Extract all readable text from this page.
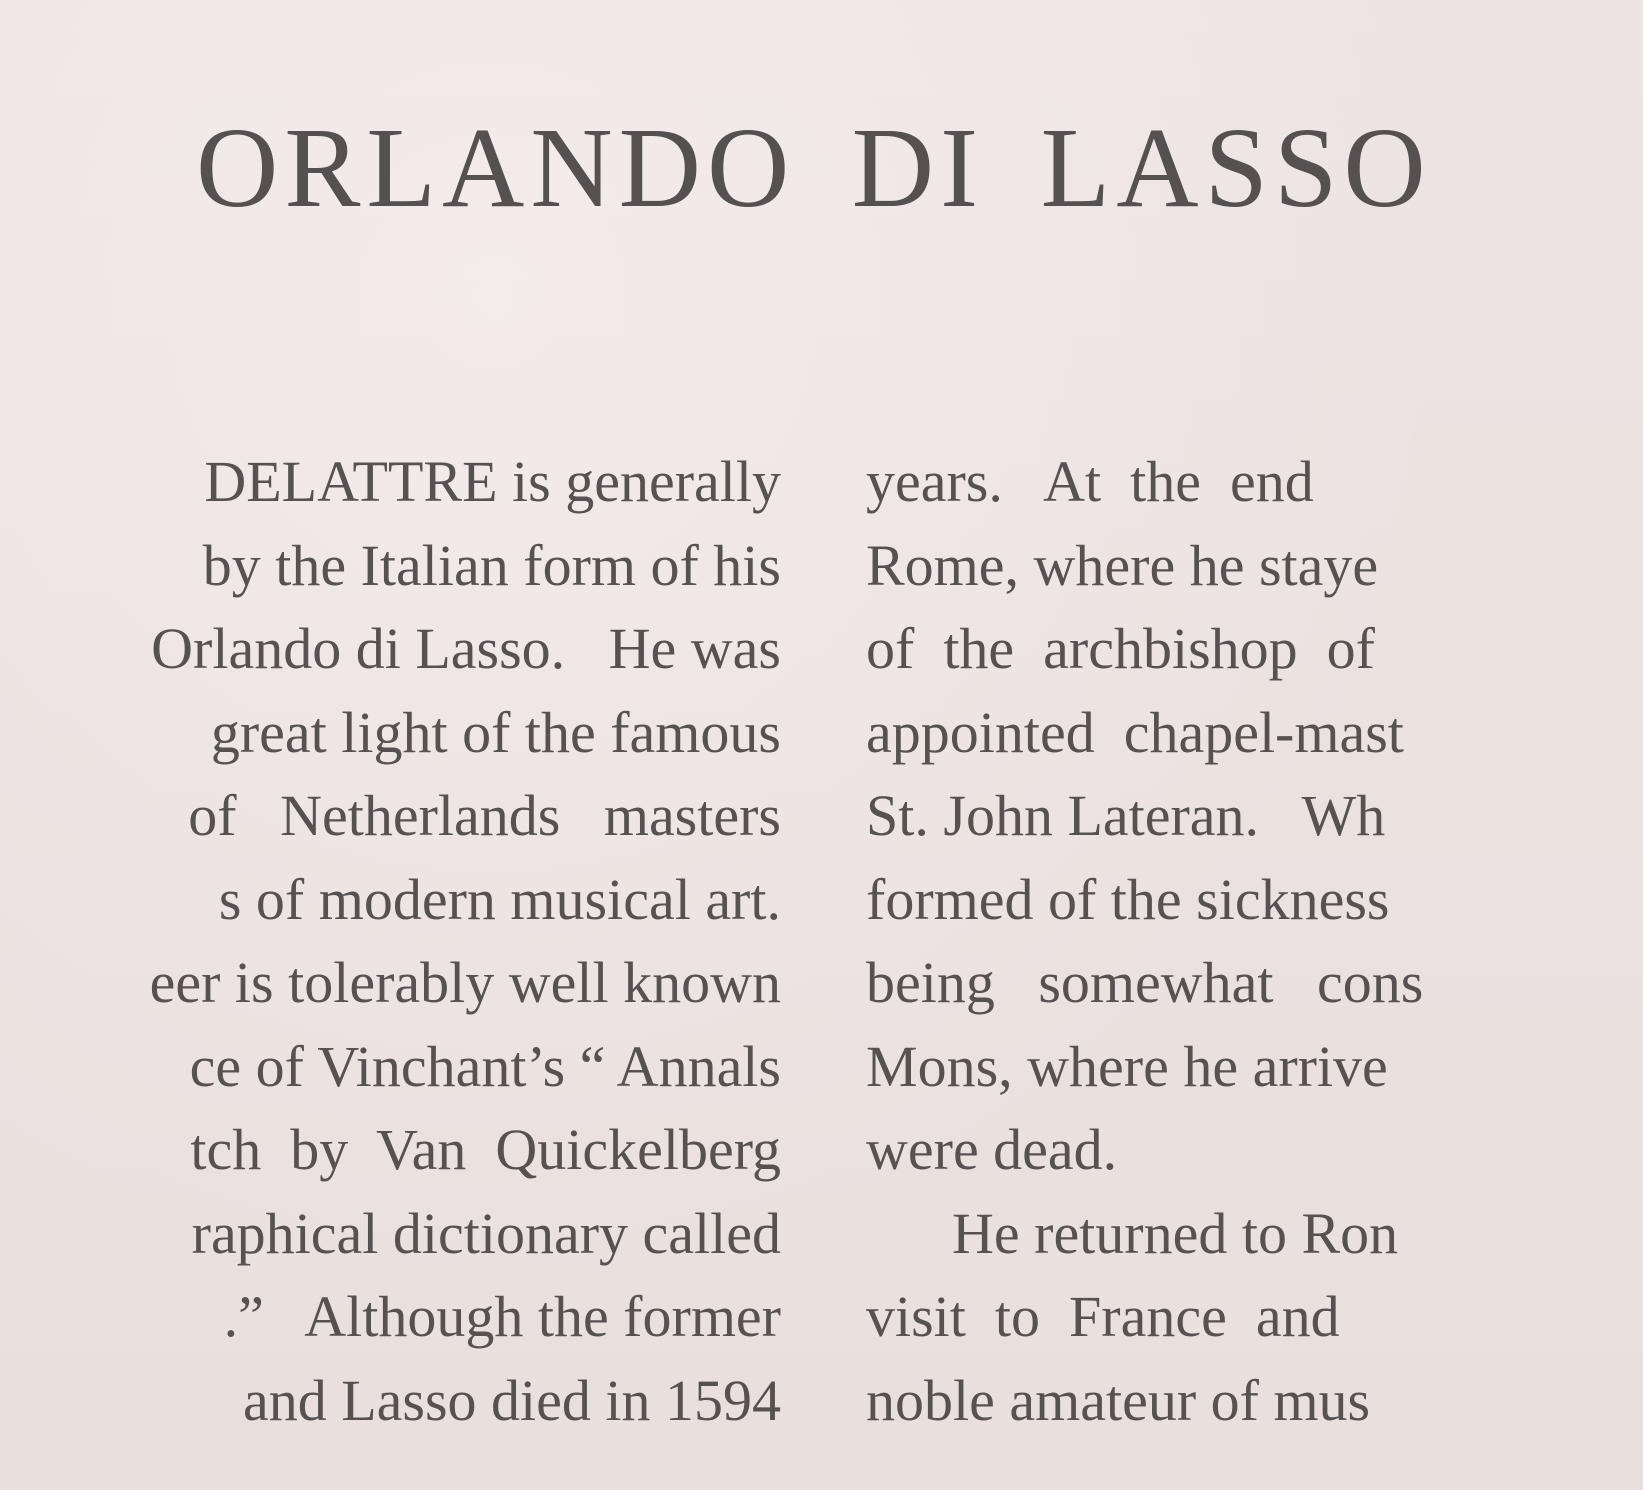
ORLANDO DI LASSO
DELATTRE is generally
by the Italian form of his
Orlando di Lasso.   He was
great light of the famous
of   Netherlands   masters
s of modern musical art.
eer is tolerably well known
ce of Vinchant’s “ Annals
tch  by  Van  Quickelberg
raphical dictionary called
.”   Although the former
and Lasso died in 1594
years.   At  the  end
Rome, where he staye
of  the  archbishop  of
appointed  chapel-mast
St. John Lateran.   Wh
formed of the sickness
being   somewhat   cons
Mons, where he arrive
were dead.
He returned to Ron
visit  to  France  and
noble amateur of mus
